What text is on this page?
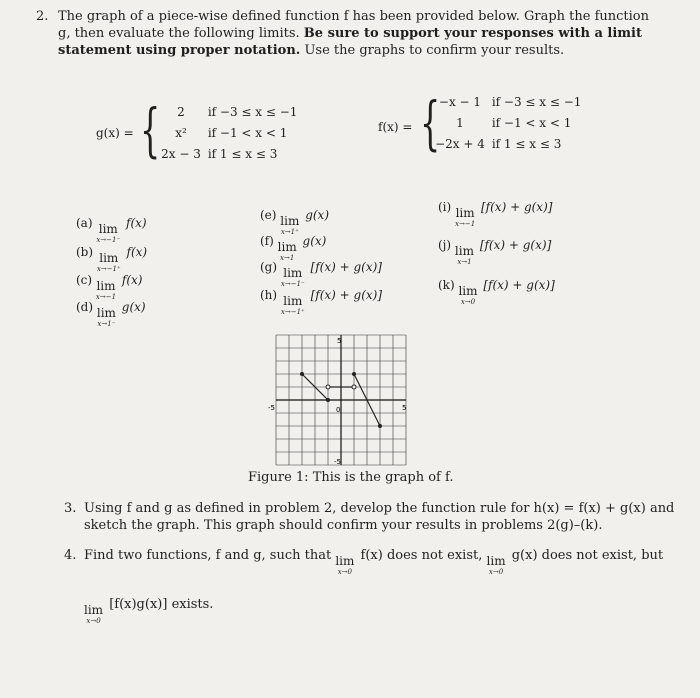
2. The graph of a piece-wise defined function f has been provided below. Graph the function
g, then evaluate the following limits. Be sure to support your responses with a limit
statement using proper notation. Use the graphs to confirm your results.
g(x) = {	2 if −3 ≤ x ≤ −1
x² if −1 < x < 1
2x − 3 if 1 ≤ x ≤ 3
f(x) = {
−x − 1 if −3 ≤ x ≤ −1
1 if −1 < x < 1
−2x + 4 if 1 ≤ x ≤ 3
(a) lim
x→−1⁻
f(x)
(b) lim
x→−1⁺
f(x)
(c) lim
x→−1
f(x)
(d) lim
x→1⁻
g(x)
(e) lim
x→1⁺
g(x)
(f) lim
x→1
g(x)
(g) lim
x→−1⁻
[f(x) + g(x)]
(h) lim
x→−1⁺
[f(x) + g(x)]
(i) lim
x→−1
[f(x) + g(x)]
(j) lim
x→1
[f(x) + g(x)]
(k) lim
x→0
[f(x) + g(x)]
5
-5
-5	5
0
Figure 1: This is the graph of f.
3. Using f and g as defined in problem 2, develop the function rule for h(x) = f(x) + g(x) and
sketch the graph. This graph should confirm your results in problems 2(g)–(k).
4. Find two functions, f and g, such that lim
x→0
f(x) does not exist, lim
x→0
g(x) does not exist, but
lim
x→0
[f(x)g(x)] exists.
